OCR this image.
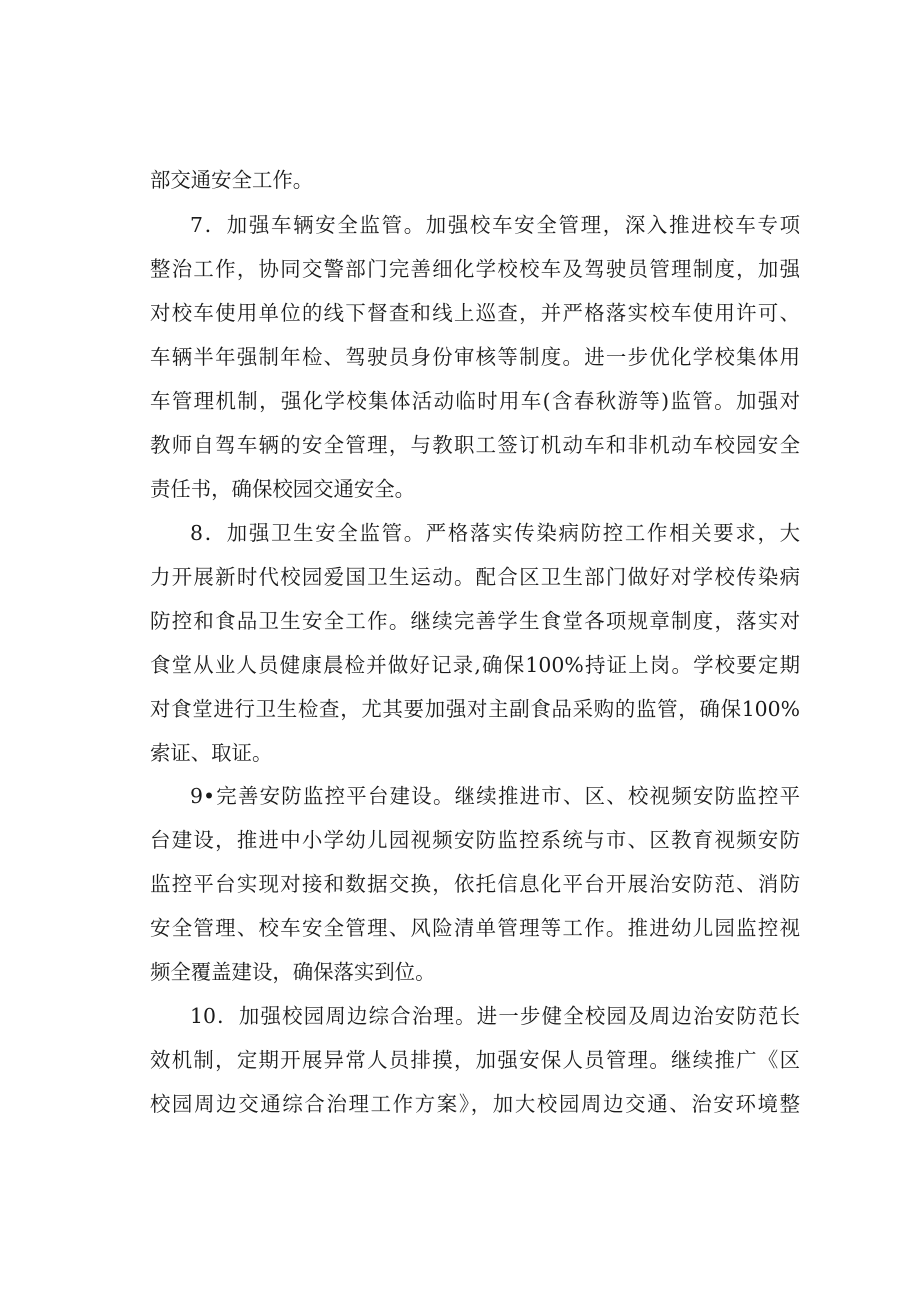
部交通安全工作。
7．加强车辆安全监管。加强校车安全管理，深入推进校车专项
整治工作，协同交警部门完善细化学校校车及驾驶员管理制度，加强
对校车使用单位的线下督查和线上巡查，并严格落实校车使用许可、
车辆半年强制年检、驾驶员身份审核等制度。进一步优化学校集体用
车管理机制，强化学校集体活动临时用车(含春秋游等)监管。加强对
教师自驾车辆的安全管理，与教职工签订机动车和非机动车校园安全
责任书，确保校园交通安全。
8．加强卫生安全监管。严格落实传染病防控工作相关要求，大
力开展新时代校园爱国卫生运动。配合区卫生部门做好对学校传染病
防控和食品卫生安全工作。继续完善学生食堂各项规章制度，落实对
食堂从业人员健康晨检并做好记录,确保100%持证上岗。学校要定期
对食堂进行卫生检查，尤其要加强对主副食品采购的监管，确保100%
索证、取证。
9•完善安防监控平台建设。继续推进市、区、校视频安防监控平
台建设，推进中小学幼儿园视频安防监控系统与市、区教育视频安防
监控平台实现对接和数据交换，依托信息化平台开展治安防范、消防
安全管理、校车安全管理、风险清单管理等工作。推进幼儿园监控视
频全覆盖建设，确保落实到位。
10．加强校园周边综合治理。进一步健全校园及周边治安防范长
效机制，定期开展异常人员排摸，加强安保人员管理。继续推广《区
校园周边交通综合治理工作方案》，加大校园周边交通、治安环境整
